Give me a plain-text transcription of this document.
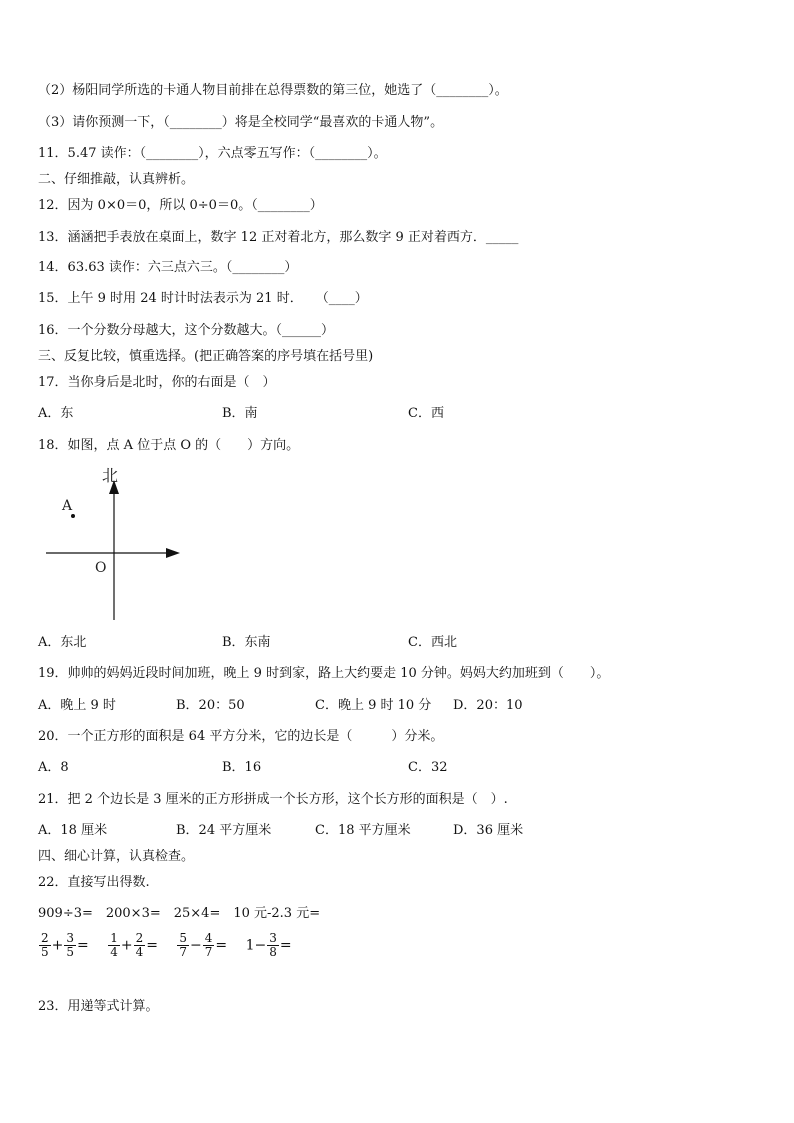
（2）杨阳同学所选的卡通人物目前排在总得票数的第三位，她选了（________）。
（3）请你预测一下，（________）将是全校同学“最喜欢的卡通人物”。
11．5.47 读作：（________），六点零五写作：（________）。
二、仔细推敲，认真辨析。
12．因为 0×0＝0，所以 0÷0＝0。（________）
13．涵涵把手表放在桌面上，数字 12 正对着北方，那么数字 9 正对着西方．_____
14．63.63 读作：六三点六三。（________）
15．上午 9 时用 24 时计时法表示为 21 时．　　（____）
16．一个分数分母越大，这个分数越大。（______）
三、反复比较，慎重选择。(把正确答案的序号填在括号里)
17．当你身后是北时，你的右面是（　）
A．东	B．南	C．西
18．如图，点 A 位于点 O 的（　　）方向。
北
A
O
A．东北	B．东南	C．西北
19．帅帅的妈妈近段时间加班，晚上 9 时到家，路上大约要走 10 分钟。妈妈大约加班到（　　）。
A．晚上 9 时	B．20：50	C．晚上 9 时 10 分 D．20：10
20．一个正方形的面积是 64 平方分米，它的边长是（　　　）分米。
A．8	B．16	C．32
21．把 2 个边长是 3 厘米的正方形拼成一个长方形，这个长方形的面积是（　）.
A．18 厘米	B．24 平方厘米	C．18 平方厘米	D．36 厘米
四、细心计算，认真检查。
22．直接写出得数.
909÷3=　200×3=　25×4=　10 元-2.3 元=
$\frac{2}{5} + \frac{3}{5} = \frac{1}{4} + \frac{2}{4} = \frac{5}{7} - \frac{4}{7} = 1- \frac{3}{8}$ =
23．用递等式计算。
